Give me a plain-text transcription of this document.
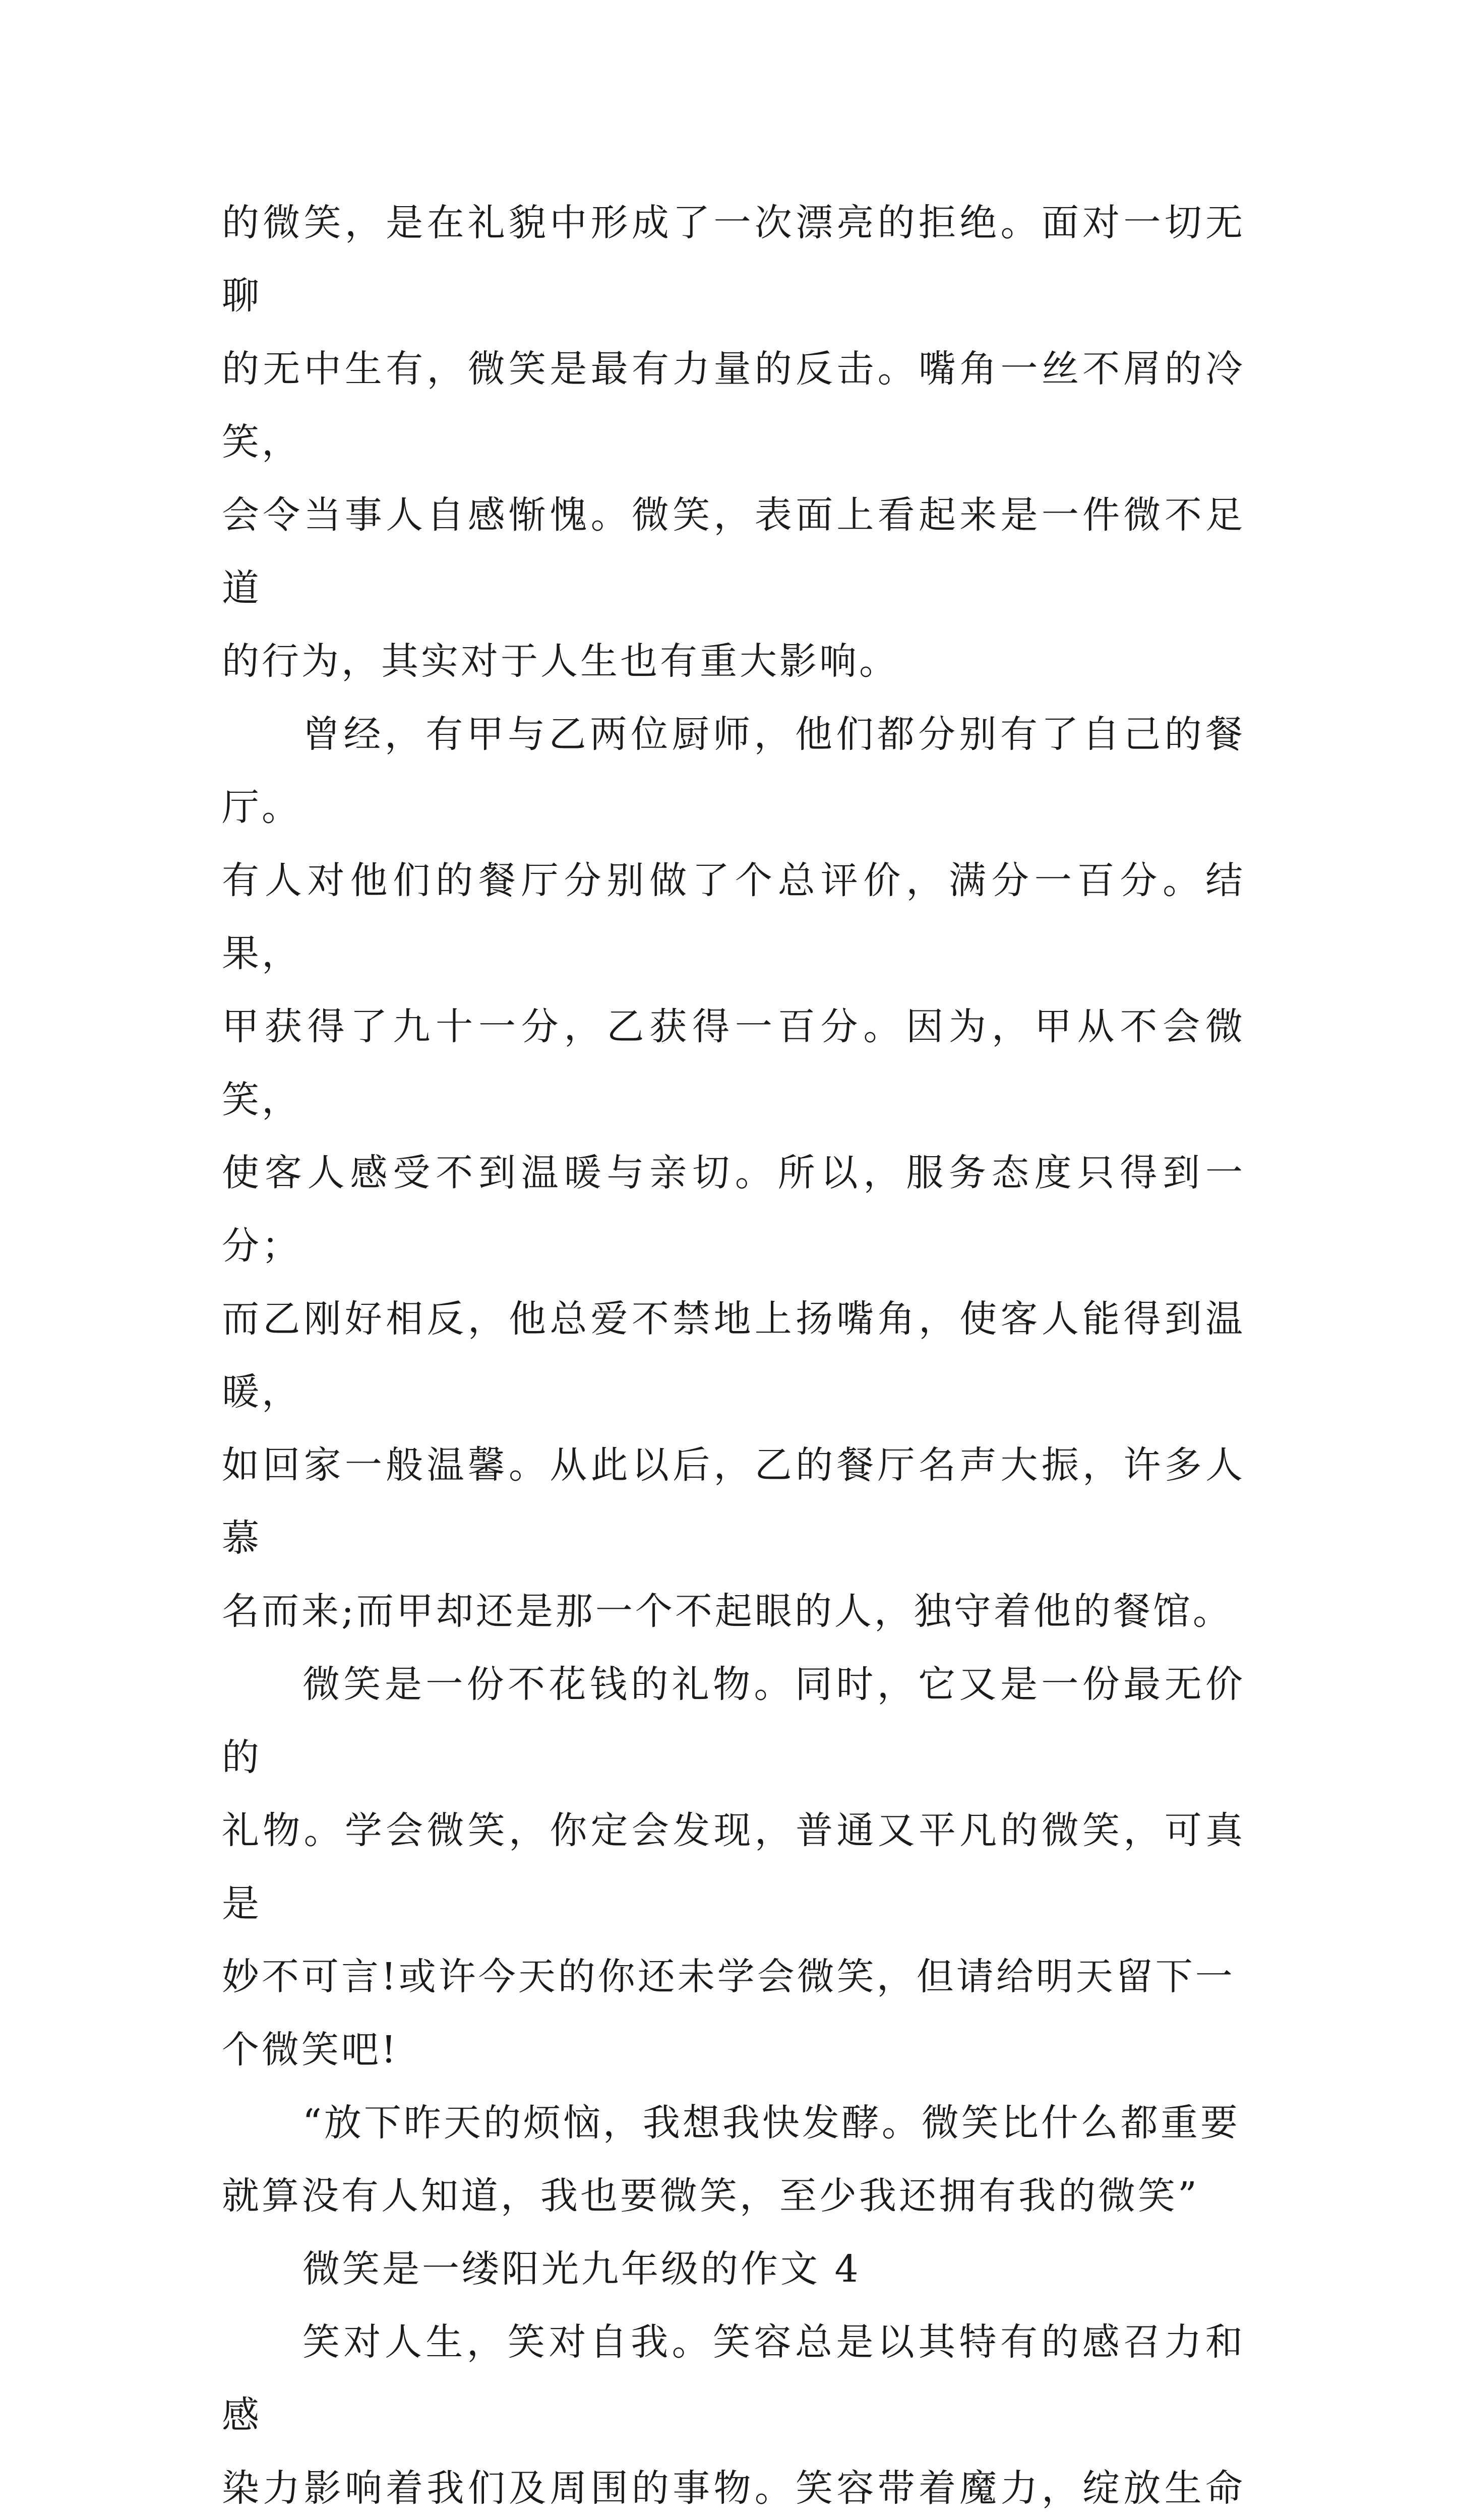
的微笑，是在礼貌中形成了一次漂亮的拒绝。面对一切无聊
的无中生有，微笑是最有力量的反击。嘴角一丝不屑的冷笑，
会令当事人自感惭愧。微笑，表面上看起来是一件微不足道
的行为，其实对于人生也有重大影响。

曾经，有甲与乙两位厨师，他们都分别有了自己的餐厅。
有人对他们的餐厅分别做了个总评价，满分一百分。结果，
甲获得了九十一分，乙获得一百分。因为，甲从不会微笑，
使客人感受不到温暖与亲切。所以，服务态度只得到一分；
而乙刚好相反，他总爱不禁地上扬嘴角，使客人能得到温暖，
如回家一般温馨。从此以后，乙的餐厅名声大振，许多人慕
名而来;而甲却还是那一个不起眼的人，独守着他的餐馆。

微笑是一份不花钱的礼物。同时，它又是一份最无价的
礼物。学会微笑，你定会发现，普通又平凡的微笑，可真是
妙不可言!或许今天的你还未学会微笑，但请给明天留下一
个微笑吧!

“放下昨天的烦恼，我想我快发酵。微笑比什么都重要
就算没有人知道，我也要微笑，至少我还拥有我的微笑”

微笑是一缕阳光九年级的作文 4

笑对人生，笑对自我。笑容总是以其特有的感召力和感
染力影响着我们及周围的事物。笑容带着魔力，绽放生命
